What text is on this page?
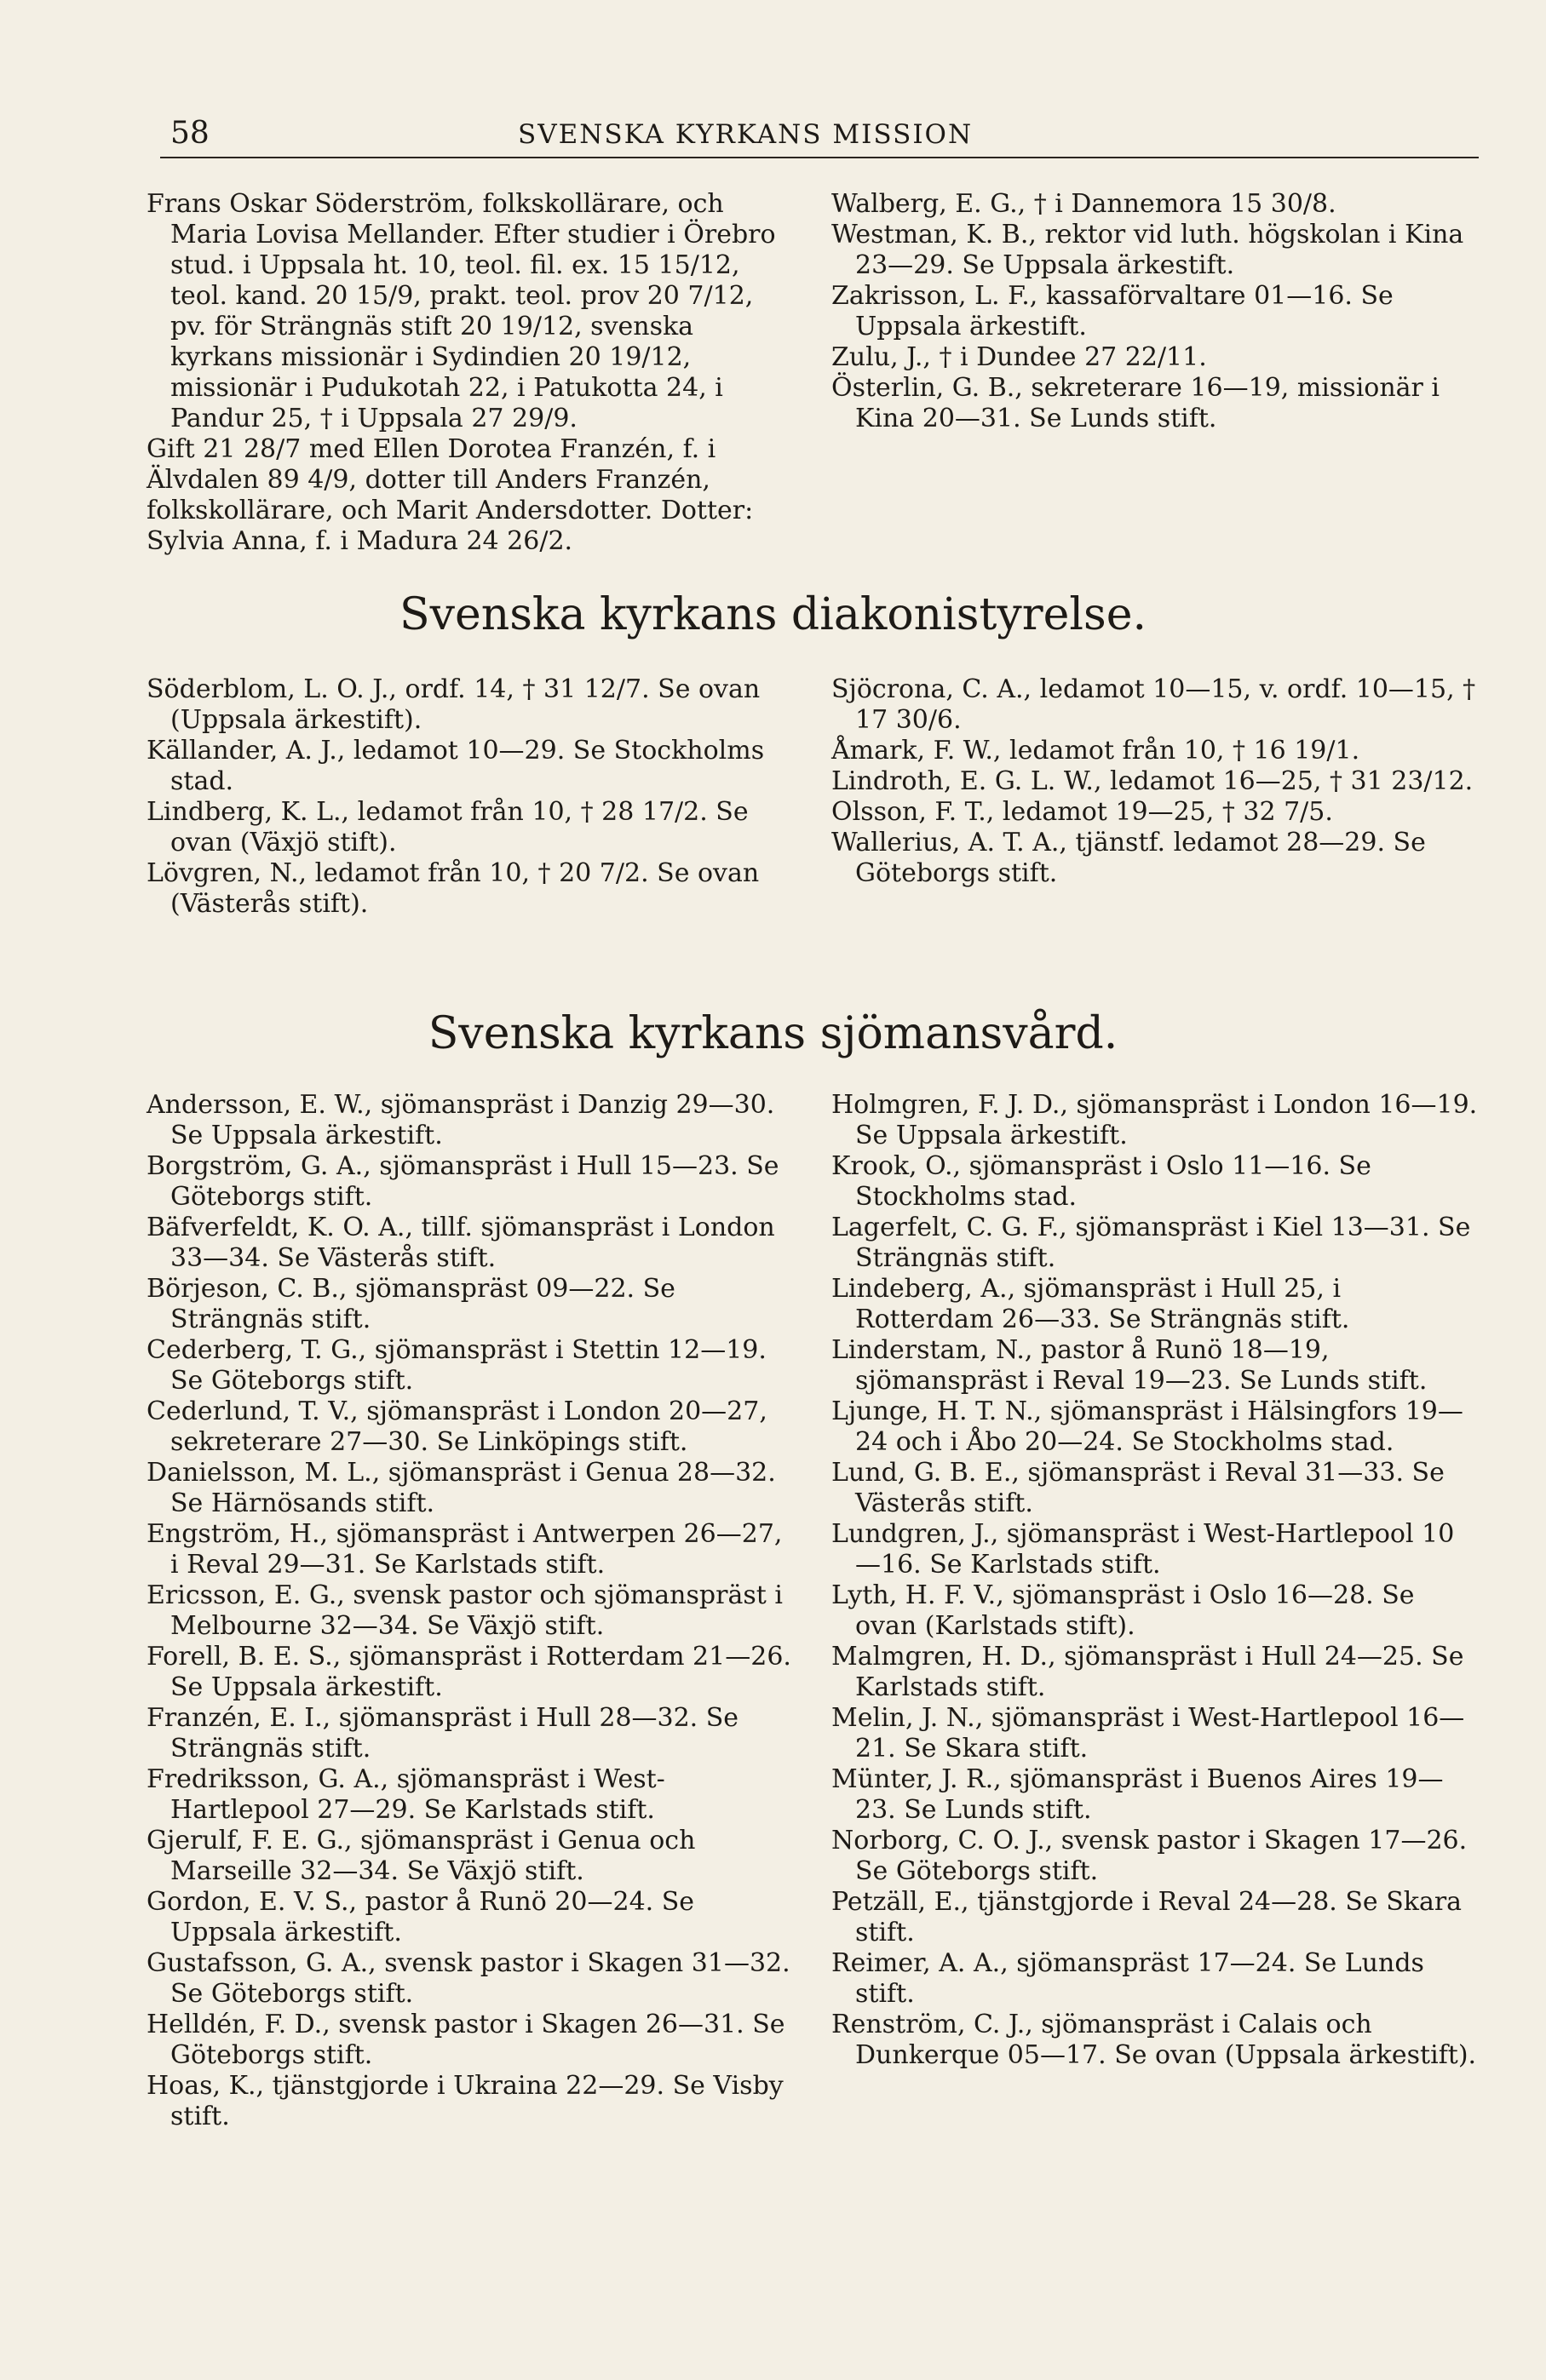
58	SVENSKA KYRKANS MISSION

Frans Oskar Söderström, folkskollärare, och Maria Lovisa Mellander. Efter studier i Örebro stud. i Uppsala ht. 10, teol. fil. ex. 15 15/12, teol. kand. 20 15/9, prakt. teol. prov 20 7/12, pv. för Strängnäs stift 20 19/12, svenska kyrkans missionär i Sydindien 20 19/12, missionär i Pudukotah 22, i Patukotta 24, i Pandur 25, † i Uppsala 27 29/9.

Gift 21 28/7 med Ellen Dorotea Franzén, f. i Älvdalen 89 4/9, dotter till Anders Franzén, folkskollärare, och Marit Andersdotter. Dotter: Sylvia Anna, f. i Madura 24 26/2.

Walberg, E. G., † i Dannemora 15 30/8.

Westman, K. B., rektor vid luth. högskolan i Kina 23—29. Se Uppsala ärkestift.

Zakrisson, L. F., kassaförvaltare 01—16. Se Uppsala ärkestift.

Zulu, J., † i Dundee 27 22/11.

Österlin, G. B., sekreterare 16—19, missionär i Kina 20—31. Se Lunds stift.

Svenska kyrkans diakonistyrelse.

Söderblom, L. O. J., ordf. 14, † 31 12/7. Se ovan (Uppsala ärkestift).

Källander, A. J., ledamot 10—29. Se Stockholms stad.

Lindberg, K. L., ledamot från 10, † 28 17/2. Se ovan (Växjö stift).

Lövgren, N., ledamot från 10, † 20 7/2. Se ovan (Västerås stift).

Sjöcrona, C. A., ledamot 10—15, v. ordf. 10—15, † 17 30/6.

Åmark, F. W., ledamot från 10, † 16 19/1.

Lindroth, E. G. L. W., ledamot 16—25, † 31 23/12.

Olsson, F. T., ledamot 19—25, † 32 7/5.

Wallerius, A. T. A., tjänstf. ledamot 28—29. Se Göteborgs stift.

Svenska kyrkans sjömansvård.

Andersson, E. W., sjömanspräst i Danzig 29—30. Se Uppsala ärkestift.

Borgström, G. A., sjömanspräst i Hull 15—23. Se Göteborgs stift.

Bäfverfeldt, K. O. A., tillf. sjömanspräst i London 33—34. Se Västerås stift.

Börjeson, C. B., sjömanspräst 09—22. Se Strängnäs stift.

Cederberg, T. G., sjömanspräst i Stettin 12—19. Se Göteborgs stift.

Cederlund, T. V., sjömanspräst i London 20—27, sekreterare 27—30. Se Linköpings stift.

Danielsson, M. L., sjömanspräst i Genua 28—32. Se Härnösands stift.

Engström, H., sjömanspräst i Antwerpen 26—27, i Reval 29—31. Se Karlstads stift.

Ericsson, E. G., svensk pastor och sjömanspräst i Melbourne 32—34. Se Växjö stift.

Forell, B. E. S., sjömanspräst i Rotterdam 21—26. Se Uppsala ärkestift.

Franzén, E. I., sjömanspräst i Hull 28—32. Se Strängnäs stift.

Fredriksson, G. A., sjömanspräst i West-Hartlepool 27—29. Se Karlstads stift.

Gjerulf, F. E. G., sjömanspräst i Genua och Marseille 32—34. Se Växjö stift.

Gordon, E. V. S., pastor å Runö 20—24. Se Uppsala ärkestift.

Gustafsson, G. A., svensk pastor i Skagen 31—32. Se Göteborgs stift.

Helldén, F. D., svensk pastor i Skagen 26—31. Se Göteborgs stift.

Hoas, K., tjänstgjorde i Ukraina 22—29. Se Visby stift.

Holmgren, F. J. D., sjömanspräst i London 16—19. Se Uppsala ärkestift.

Krook, O., sjömanspräst i Oslo 11—16. Se Stockholms stad.

Lagerfelt, C. G. F., sjömanspräst i Kiel 13—31. Se Strängnäs stift.

Lindeberg, A., sjömanspräst i Hull 25, i Rotterdam 26—33. Se Strängnäs stift.

Linderstam, N., pastor å Runö 18—19, sjömanspräst i Reval 19—23. Se Lunds stift.

Ljunge, H. T. N., sjömanspräst i Hälsingfors 19—24 och i Åbo 20—24. Se Stockholms stad.

Lund, G. B. E., sjömanspräst i Reval 31—33. Se Västerås stift.

Lundgren, J., sjömanspräst i West-Hartlepool 10—16. Se Karlstads stift.

Lyth, H. F. V., sjömanspräst i Oslo 16—28. Se ovan (Karlstads stift).

Malmgren, H. D., sjömanspräst i Hull 24—25. Se Karlstads stift.

Melin, J. N., sjömanspräst i West-Hartlepool 16—21. Se Skara stift.

Münter, J. R., sjömanspräst i Buenos Aires 19—23. Se Lunds stift.

Norborg, C. O. J., svensk pastor i Skagen 17—26. Se Göteborgs stift.

Petzäll, E., tjänstgjorde i Reval 24—28. Se Skara stift.

Reimer, A. A., sjömanspräst 17—24. Se Lunds stift.

Renström, C. J., sjömanspräst i Calais och Dunkerque 05—17. Se ovan (Uppsala ärkestift).
